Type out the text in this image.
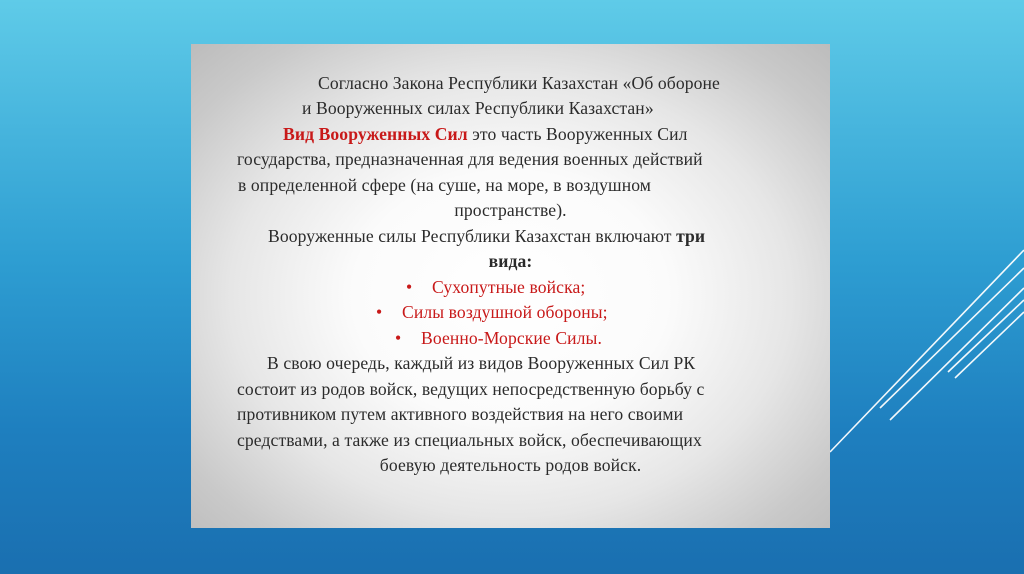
Согласно Закона Республики Казахстан «Об обороне
и Вооруженных силах Республики Казахстан»
Вид Вооруженных Сил это часть Вооруженных Сил
государства, предназначенная для ведения военных действий
в определенной сфере (на суше, на море, в воздушном
пространстве).
Вооруженные силы Республики Казахстан включают три
вида:
• Сухопутные войска;
• Силы воздушной обороны;
• Военно-Морские Силы.
В свою очередь, каждый из видов Вооруженных Сил РК
состоит из родов войск, ведущих непосредственную борьбу с
противником путем активного воздействия на него своими
средствами, а также из специальных войск, обеспечивающих
боевую деятельность родов войск.
